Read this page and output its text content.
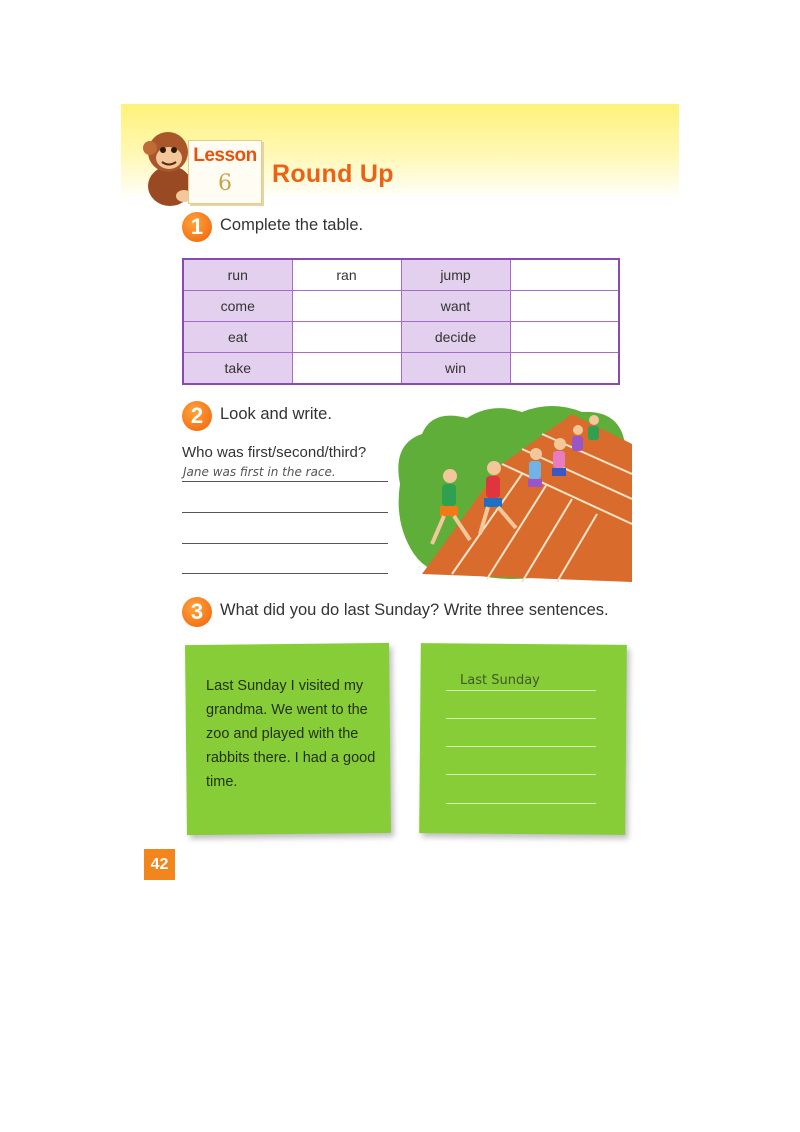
Lesson
6 Round Up
1	Complete the table.
run	ran	jump	
come		want	
eat		decide	
take		win	
2	Look and write.
Who was first/second/third?
Jane was first in the race.
3	What did you do last Sunday? Write three sentences.
Last Sunday I visited my grandma. We went to the zoo and played with the rabbits there. I had a good time.
Last Sunday
42
